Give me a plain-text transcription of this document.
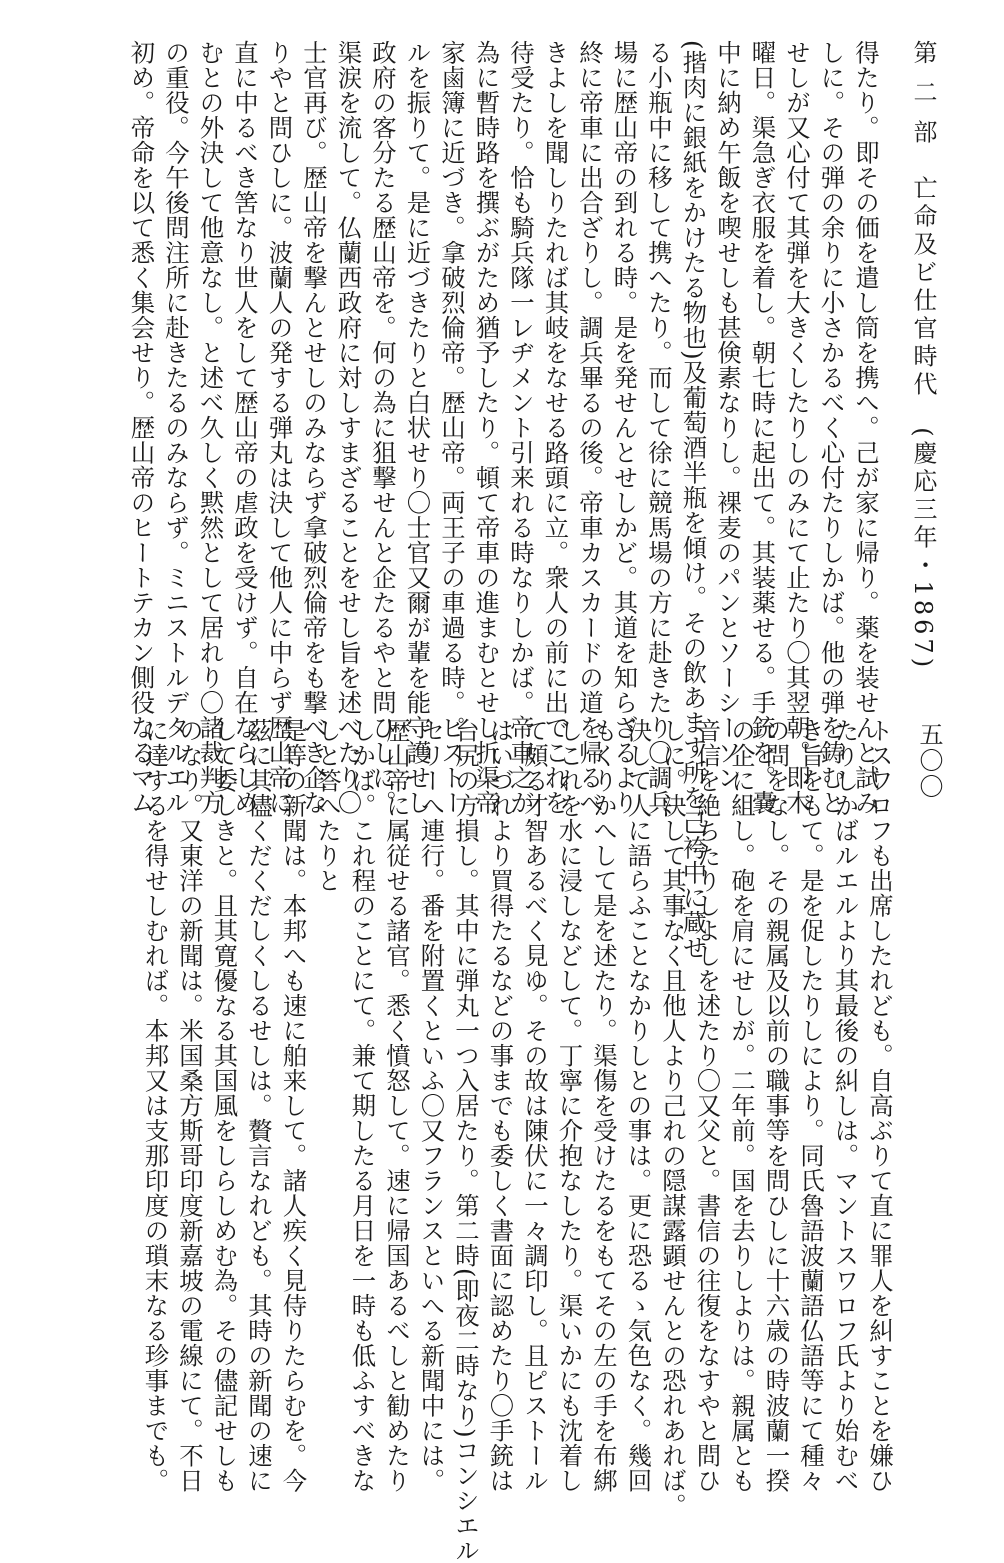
第 二 部　亡命及ビ仕官時代　(慶応三年・1867)
五〇〇
得たり。即その価を遣し筒を携へ。己が家に帰り。薬を装せんと試み
しに。その弾の余りに小さかるべく心付たりしかば。他の弾を鋳むと
せしが又心付て其弾を大きくしたりしのみにて止たり〇其翌朝。即木
曜日。渠急ぎ衣服を着し。朝七時に起出て。其装薬せる。手銃を。嚢
中に納め午飯を喫せしも甚倹素なりし。裸麦のパンとソーシーソン
(揩肉に銀紙をかけたる物也)及葡萄酒半瓶を傾け。その飲あます所を己袴中に蔵せ
る小瓶中に移して携へたり。而して徐に競馬場の方に赴きたり〇調兵
場に歴山帝の到れる時。是を発せんとせしかど。其道を知らざるより
終に帝車に出合ざりし。調兵畢るの後。帝車カスカードの道を帰るべ
きよしを聞しりたれば其岐をなせる路頭に立。衆人の前に出でこれを
待受たり。恰も騎兵隊一レヂメント引来れる時なりしかば。帝車之が
為に暫時路を撰ぶがため猶予したり。頓て帝車の進まむとせし折渠帝
家鹵簿に近づき。拿破烈倫帝。歴山帝。両王子の車過る時。ピストー
ルを振りて。是に近づきたりと白状せり〇士官又爾が輩を能守護せし
政府の客分たる歴山帝を。何の為に狙撃せんと企たるやと問ひしに。
渠涙を流して。仏蘭西政府に対しすまざることをせし旨を述べたり〇
士官再び。歴山帝を撃んとせしのみならず拿破烈倫帝をも撃べき企な
りやと問ひしに。波蘭人の発する弾丸は決して他人に中らず歴山帝に
直に中るべき筈なり世人をして歴山帝の虐政を受けず。自在ならしめ
むとの外決して他意なし。と述べ久しく黙然として居れり〇諸裁判方
の重役。今午後問注所に赴きたるのみならず。ミニストルデタルエル
初め。帝命を以て悉く集会せり。歴山帝のヒートテカン側役なるマム
トスワロフも出席したれども。自高ぶりて直に罪人を糾すことを嫌ひ
たりしかばルエルより其最後の糾しは。マントスワロフ氏より始むべ
き旨をもて。是を促したりしにより。同氏魯語波蘭語仏語等にて種々
の問をなし。その親属及以前の職事等を問ひしに十六歳の時波蘭一揆
の企に組し。砲を肩にせしが。二年前。国を去りしよりは。親属とも
音信を絶ちたりしよしを述たり〇又父と。書信の往復をなすやと問ひ
しに。決して其事なく且他人より己れの隠謀露顕せんとの恐れあれば。
決して人に語らふことなかりしとの事は。更に恐るゝ気色なく。幾回
もくりかへして是を述たり。渠傷を受けたるをもてその左の手を布綁
しこれを水に浸しなどして。丁寧に介抱なしたり。渠いかにも沈着し
て頗る才智あるべく見ゆ。その故は陳伏に一々調印し。且ピストール
はいづれより買得たるなどの事までも委しく書面に認めたり〇手銃は
台尻の方損し。其中に弾丸一つ入居たり。第二時(即夜二時なり)コンシエル
セリーへ連行。番を附置くといふ〇又フランスといへる新聞中には。
歴山帝に属従せる諸官。悉く憤怒して。速に帰国あるべしと勧めたり
しかば。これ程のことにて。兼て期したる月日を一時も低ふすべきな
しと答へたりと
是等の新聞は。本邦へも速に舶来して。諸人疾く見侍りたらむを。今
茲に其儘くだくだしくしるせしは。贅言なれども。其時の新聞の速に
して委しきと。且其寛優なる其国風をしらしめむ為。その儘記せしも
のなり。又東洋の新聞は。米国桑方斯哥印度新嘉坡の電線にて。不日
に達するを得せしむれば。本邦又は支那印度の瑣末なる珍事までも。
